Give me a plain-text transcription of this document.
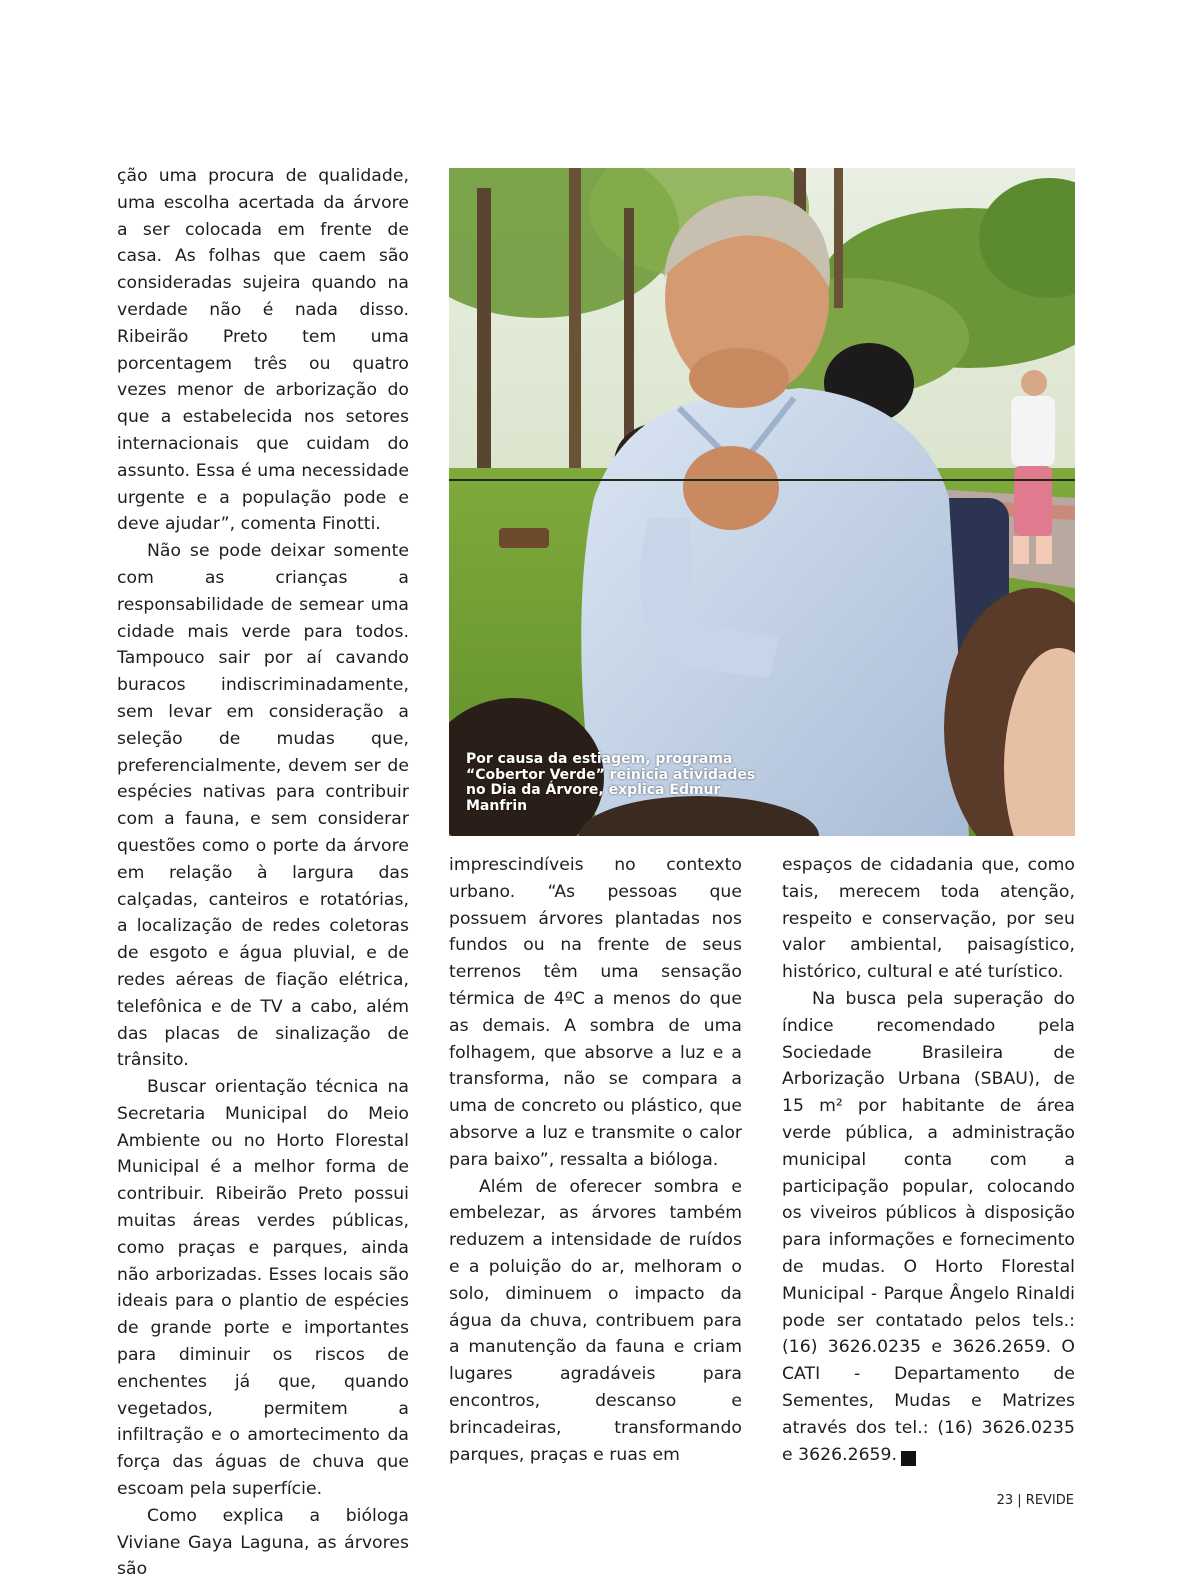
ção uma procura de qualidade, uma escolha acertada da árvore a ser colocada em frente de casa. As folhas que caem são consideradas sujeira quando na verdade não é nada disso. Ribeirão Preto tem uma porcentagem três ou quatro vezes menor de arborização do que a estabelecida nos setores internacionais que cuidam do assunto. Essa é uma necessidade urgente e a população pode e deve ajudar”, comenta Finotti.

Não se pode deixar somente com as crianças a responsabilidade de semear uma cidade mais verde para todos. Tampouco sair por aí cavando buracos indiscriminadamente, sem levar em consideração a seleção de mudas que, preferencialmente, devem ser de espécies nativas para contribuir com a fauna, e sem considerar questões como o porte da árvore em relação à largura das calçadas, canteiros e rotatórias, a localização de redes coletoras de esgoto e água pluvial, e de redes aéreas de fiação elétrica, telefônica e de TV a cabo, além das placas de sinalização de trânsito.

Buscar orientação técnica na Secretaria Municipal do Meio Ambiente ou no Horto Florestal Municipal é a melhor forma de contribuir. Ribeirão Preto possui muitas áreas verdes públicas, como praças e parques, ainda não arborizadas. Esses locais são ideais para o plantio de espécies de grande porte e importantes para diminuir os riscos de enchentes já que, quando vegetados, permitem a infiltração e o amortecimento da força das águas de chuva que escoam pela superfície.

Como explica a bióloga Viviane Gaya Laguna, as árvores são

Por causa da estiagem, programa “Cobertor Verde” reinicia atividades no Dia da Árvore, explica Edmur Manfrin

imprescindíveis no contexto urbano. “As pessoas que possuem árvores plantadas nos fundos ou na frente de seus terrenos têm uma sensação térmica de 4ºC a menos do que as demais. A sombra de uma folhagem, que absorve a luz e a transforma, não se compara a uma de concreto ou plástico, que absorve a luz e transmite o calor para baixo”, ressalta a bióloga.

Além de oferecer sombra e embelezar, as árvores também reduzem a intensidade de ruídos e a poluição do ar, melhoram o solo, diminuem o impacto da água da chuva, contribuem para a manutenção da fauna e criam lugares agradáveis para encontros, descanso e brincadeiras, transformando parques, praças e ruas em

espaços de cidadania que, como tais, merecem toda atenção, respeito e conservação, por seu valor ambiental, paisagístico, histórico, cultural e até turístico.

Na busca pela superação do índice recomendado pela Sociedade Brasileira de Arborização Urbana (SBAU), de 15 m² por habitante de área verde pública, a administração municipal conta com a participação popular, colocando os viveiros públicos à disposição para informações e fornecimento de mudas. O Horto Florestal Municipal - Parque Ângelo Rinaldi pode ser contatado pelos tels.:(16) 3626.0235 e 3626.2659. O CATI - Departamento de Sementes, Mudas e Matrizes através dos tel.: (16) 3626.0235 e 3626.2659.	r

23 | REVIDE
